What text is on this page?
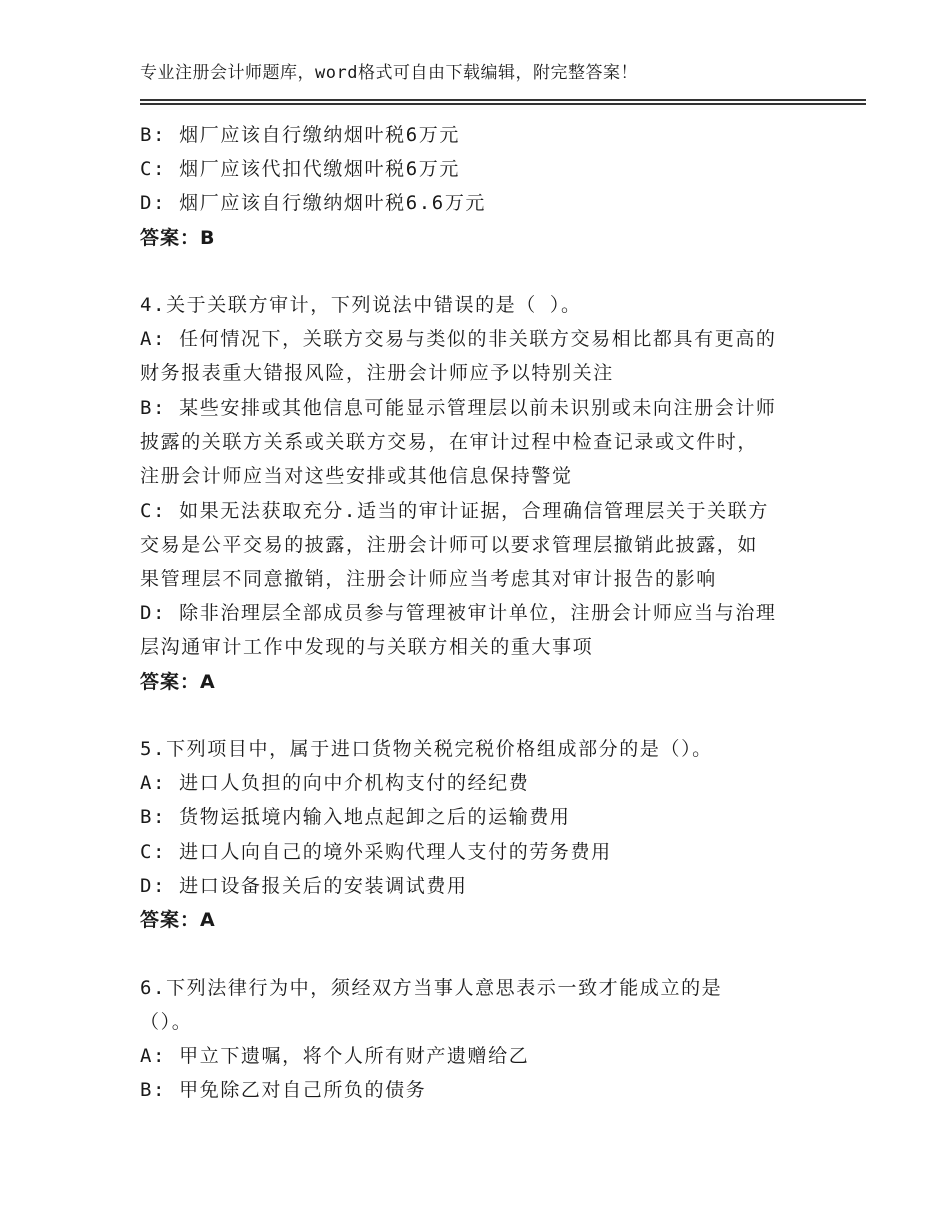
专业注册会计师题库，word格式可自由下载编辑，附完整答案！
B: 烟厂应该自行缴纳烟叶税6万元
C: 烟厂应该代扣代缴烟叶税6万元
D: 烟厂应该自行缴纳烟叶税6.6万元
答案：B
4.关于关联方审计，下列说法中错误的是（ ）。
A: 任何情况下，关联方交易与类似的非关联方交易相比都具有更高的
财务报表重大错报风险，注册会计师应予以特别关注
B: 某些安排或其他信息可能显示管理层以前未识别或未向注册会计师
披露的关联方关系或关联方交易，在审计过程中检查记录或文件时，
注册会计师应当对这些安排或其他信息保持警觉
C: 如果无法获取充分.适当的审计证据，合理确信管理层关于关联方
交易是公平交易的披露，注册会计师可以要求管理层撤销此披露，如
果管理层不同意撤销，注册会计师应当考虑其对审计报告的影响
D: 除非治理层全部成员参与管理被审计单位，注册会计师应当与治理
层沟通审计工作中发现的与关联方相关的重大事项
答案：A
5.下列项目中，属于进口货物关税完税价格组成部分的是（）。
A: 进口人负担的向中介机构支付的经纪费
B: 货物运抵境内输入地点起卸之后的运输费用
C: 进口人向自己的境外采购代理人支付的劳务费用
D: 进口设备报关后的安装调试费用
答案：A
6.下列法律行为中，须经双方当事人意思表示一致才能成立的是
（）。
A: 甲立下遗嘱，将个人所有财产遗赠给乙
B: 甲免除乙对自己所负的债务
